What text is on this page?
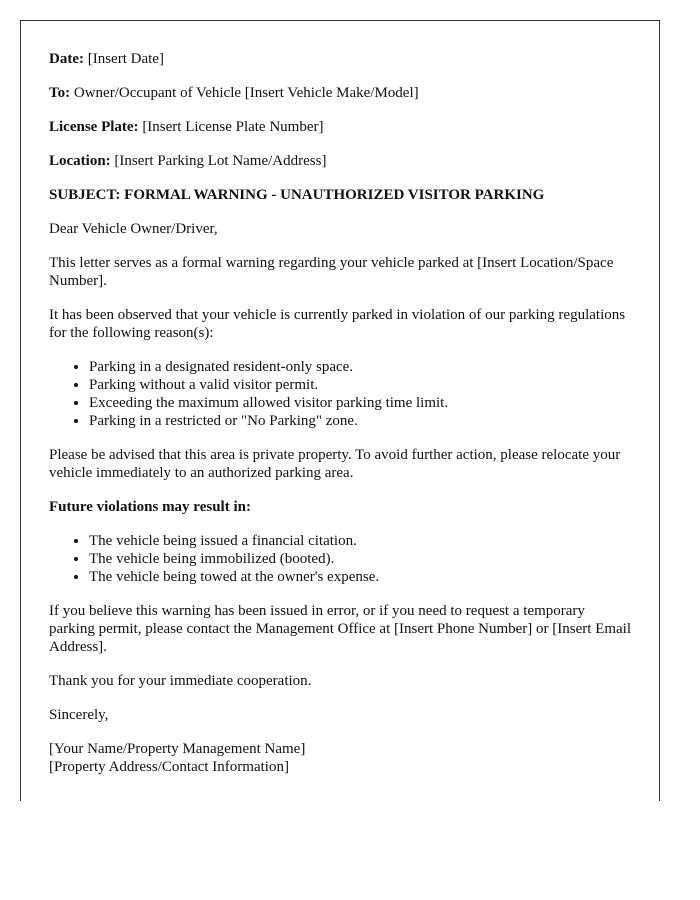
Date: [Insert Date]

To: Owner/Occupant of Vehicle [Insert Vehicle Make/Model]

License Plate: [Insert License Plate Number]

Location: [Insert Parking Lot Name/Address]

SUBJECT: FORMAL WARNING - UNAUTHORIZED VISITOR PARKING

Dear Vehicle Owner/Driver,

This letter serves as a formal warning regarding your vehicle parked at [Insert Location/Space Number].

It has been observed that your vehicle is currently parked in violation of our parking regulations for the following reason(s):

• Parking in a designated resident-only space.
• Parking without a valid visitor permit.
• Exceeding the maximum allowed visitor parking time limit.
• Parking in a restricted or "No Parking" zone.

Please be advised that this area is private property. To avoid further action, please relocate your vehicle immediately to an authorized parking area.

Future violations may result in:

• The vehicle being issued a financial citation.
• The vehicle being immobilized (booted).
• The vehicle being towed at the owner's expense.

If you believe this warning has been issued in error, or if you need to request a temporary parking permit, please contact the Management Office at [Insert Phone Number] or [Insert Email Address].

Thank you for your immediate cooperation.

Sincerely,

[Your Name/Property Management Name]
[Property Address/Contact Information]
